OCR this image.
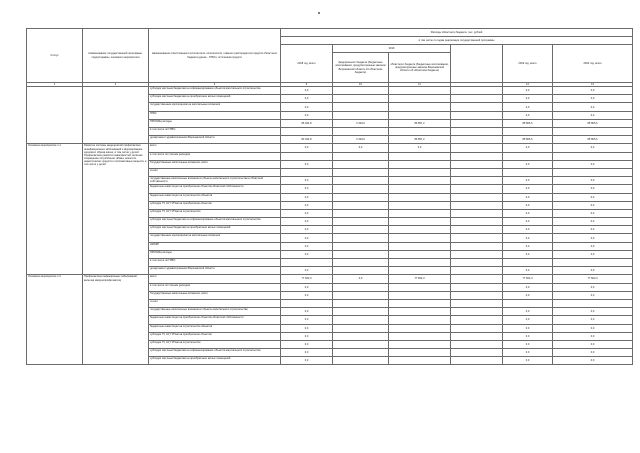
Статус	Наименование государственной программы, подпрограммы, основного мероприятия	Наименование ответственного исполнителя, исполнителя, главного распорядителя средств областного бюджета (далее - ГРБС), источников средств	Расходы областного бюджета, тыс. рублей					
			в том числе по годам реализации государственной программы					
			2018 год, всего	2019			2019 год, всего	2020 год, всего
				федерального бюджета (бюджетные ассигнования, предусмотренные законом Воронежской области об областном бюджете)	областного бюджета (бюджетные ассигнования, предусмотренные законом Воронежской области об областном бюджете)			
1	2	3	9	10	11		12	13
		субсидии местным бюджетам на софинансирование объектов капитального строительства	0,0				0,0	0,0
		субсидии местным бюджетам на приобретение жилых помещений	0,0				0,0	0,0
		государственным корпорациям на капитальные вложения	0,0				0,0	0,0
		ГРБС	0,0				0,0	0,0
		ПРОЧИЕ расходы	86 044,8	3 329,6	86 857,2		85 805,6	85 805,6
		в том числе по ГРБС:						
		департамент здравоохранения Воронежской области	83 044,8	3 329,6	86 857,2		85 805,6	85 805,6
Основное мероприятие 1.1	Развитие системы медицинской профилактики неинфекционных заболеваний и формирование здорового образа жизни, в том числе у детей. Профилактика развития зависимостей, включая сокращение потребления табака, алкоголя, наркотических средств и психоактивных веществ, в том числе у детей	всего	0,0	0,0	0,0		0,0	0,0
		в том числе по статьям расходов						
		Государственные капитальные вложения, всего	0,0				0,0	0,0
		из них:						
		государственные капитальные вложения в объекты капитального строительства в областной собственности	0,0				0,0	0,0
		бюджетные инвестиции на приобретение объектов областной собственности	0,0				0,0	0,0
		бюджетные инвестиции на строительство объектов	0,0				0,0	0,0
		субсидии ГУ, АУ, ГУПам на приобретение объектов	0,0				0,0	0,0
		субсидии ГУ, АУ, ГУПам на строительство	0,0				0,0	0,0
		субсидии местным бюджетам на софинансирование объектов капитального строительства	0,0				0,0	0,0
		субсидии местным бюджетам на приобретение жилых помещений	0,0				0,0	0,0
		государственным корпорациям на капитальные вложения	0,0				0,0	0,0
		НИОКР	0,0				0,0	0,0
		ПРОЧИЕ расходы	0,0				0,0	0,0
		в том числе по ГРБС:						
		департамент здравоохранения Воронежской области	0,0				0,0	0,0
Основное мероприятие 1.2	Профилактика инфекционных заболеваний, включая иммунопрофилактику	всего	77 602,3	0,0	77 822,3		77 602,3	77 822,3
		в том числе по статьям расходов	0,0				0,0	0,0
		Государственные капитальные вложения, всего	0,0				0,0	0,0
		из них:						
		государственные капитальные вложения в объекты капитального строительства	0,0				0,0	0,0
		бюджетные инвестиции на приобретение объектов областной собственности	0,0				0,0	0,0
		бюджетные инвестиции на строительство объектов	0,0				0,0	0,0
		субсидии ГУ, АУ, ГУПам на приобретение объектов	0,0				0,0	0,0
		субсидии ГУ, АУ, ГУПам на строительство	0,0				0,0	0,0
		субсидии местным бюджетам на софинансирование объектов капитального строительства	0,0				0,0	0,0
		субсидии местным бюджетам на приобретение жилых помещений	0,0				0,0	0,0
